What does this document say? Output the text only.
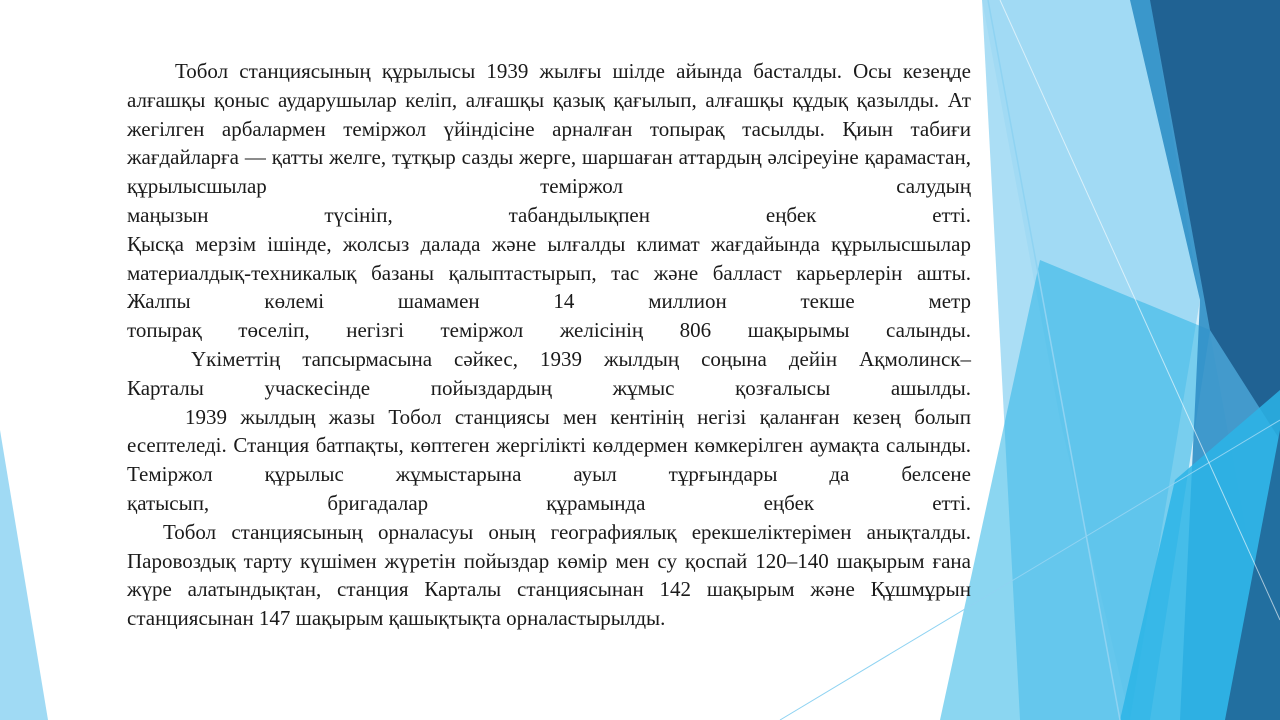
Тобол станциясының құрылысы 1939 жылғы шілде айында басталды. Осы кезеңде алғашқы қоныс аударушылар келіп, алғашқы қазық қағылып, алғашқы құдық қазылды. Ат жегілген арбалармен теміржол үйіндісіне арналған топырақ тасылды. Қиын табиғи жағдайларға — қатты желге, тұтқыр сазды жерге, шаршаған аттардың әлсіреуіне қарамастан, құрылысшылар теміржол салудың

маңызын түсініп, табандылықпен еңбек етті.

Қысқа мерзім ішінде, жолсыз далада және ылғалды климат жағдайында құрылысшылар материалдық-техникалық базаны қалыптастырып, тас және балласт карьерлерін ашты. Жалпы көлемі шамамен 14 миллион текше метр

топырақ төселіп, негізгі теміржол желісінің 806 шақырымы салынды.

Үкіметтің тапсырмасына сәйкес, 1939 жылдың соңына дейін Ақмолинск–

Карталы учаскесінде пойыздардың жұмыс қозғалысы ашылды.

1939 жылдың жазы Тобол станциясы мен кентінің негізі қаланған кезең болып есептеледі. Станция батпақты, көптеген жергілікті көлдермен көмкерілген аумақта салынды. Теміржол құрылыс жұмыстарына ауыл тұрғындары да белсене

қатысып, бригадалар құрамында еңбек етті.

Тобол станциясының орналасуы оның географиялық ерекшеліктерімен анықталды. Паровоздық тарту күшімен жүретін пойыздар көмір мен су қоспай 120–140 шақырым ғана жүре алатындықтан, станция Карталы станциясынан 142 шақырым және Құшмұрын станциясынан 147 шақырым қашықтықта орналастырылды.
